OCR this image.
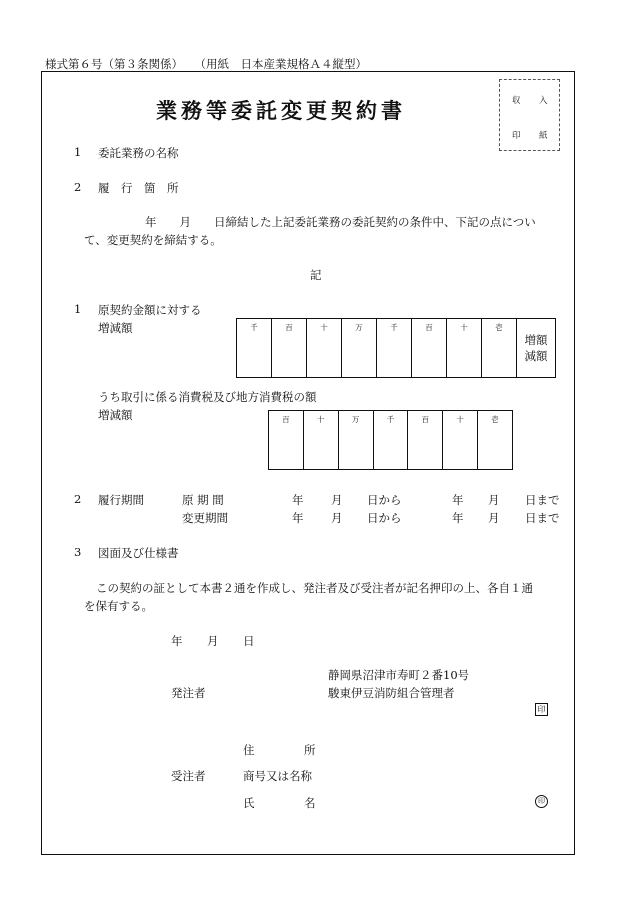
様式第６号（第３条関係）　　（用紙　日本産業規格Ａ４縦型）
収 入
印 紙
業務等委託変更契約書
1 委託業務の名称
2 履　行　箇　所
年　　月　　日締結した上記委託業務の委託契約の条件中、下記の点につい
て、変更契約を締結する。
記
1 原契約金額に対する
増減額	千	百	十	万	千	百	十	壱

増額
減額
うち取引に係る消費税及び地方消費税の額
増減額	百	十	万	千	百	十	壱
2 履行期間	原 期 間	年 月 日から	年 月 日まで
変更期間	年 月 日から	年 月 日まで
3 図面及び仕様書
この契約の証として本書２通を作成し、発注者及び受注者が記名押印の上、各自１通
を保有する。
年 月 日
静岡県沼津市寿町２番10号
発注者	駿東伊豆消防組合管理者
印
住	所
受注者	商号又は名称
氏	名	印
